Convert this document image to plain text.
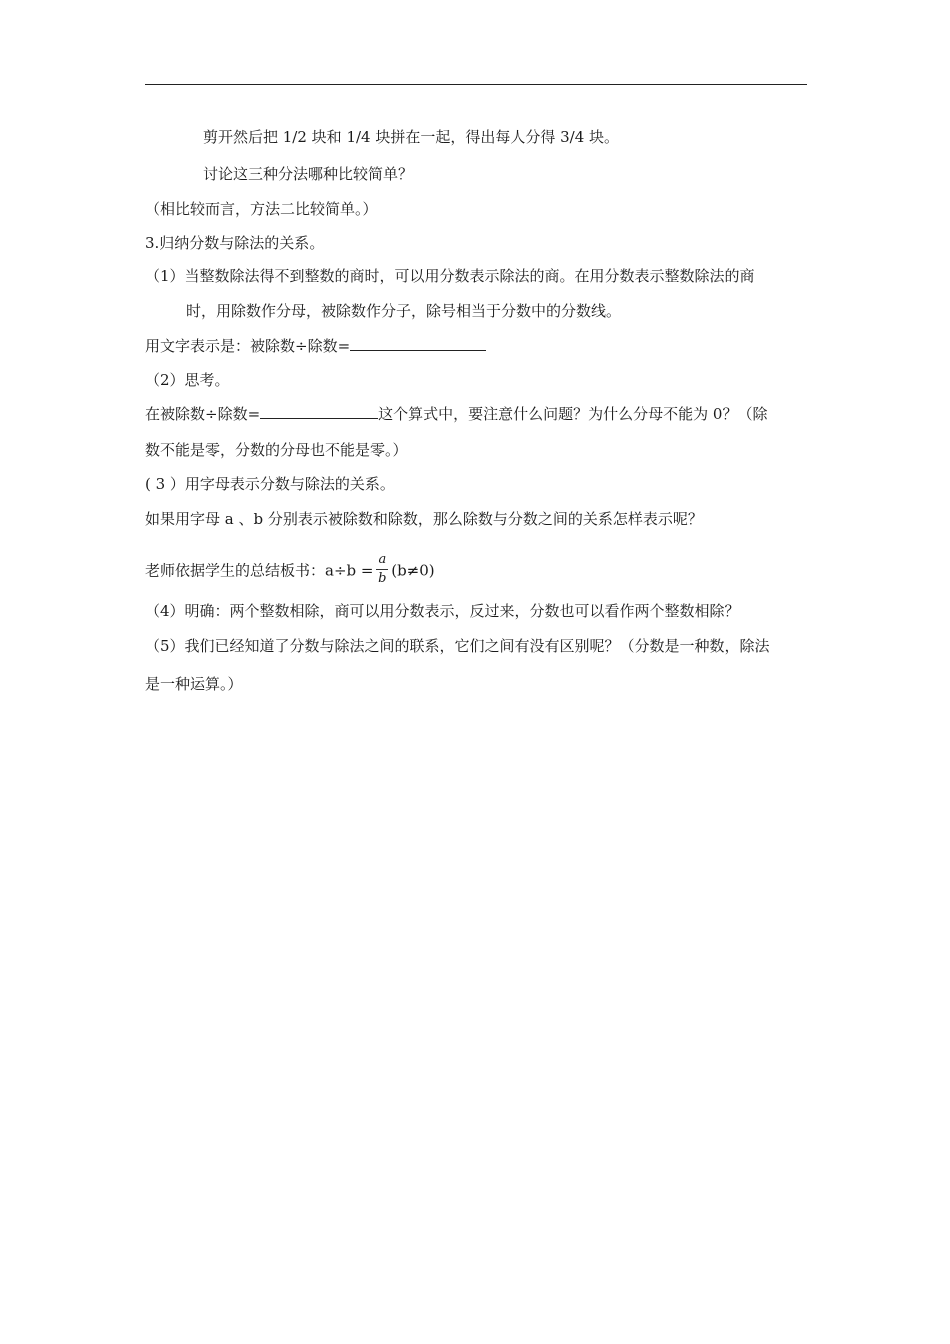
剪开然后把 1/2 块和 1/4 块拼在一起，得出每人分得 3/4 块。
讨论这三种分法哪种比较简单？
（相比较而言，方法二比较简单。）
3.归纳分数与除法的关系。
（1）当整数除法得不到整数的商时，可以用分数表示除法的商。在用分数表示整数除法的商
时，用除数作分母，被除数作分子，除号相当于分数中的分数线。
用文字表示是：被除数÷除数=
（2）思考。
在被除数÷除数=	这个算式中，要注意什么问题？为什么分母不能为 0？（除
数不能是零，分数的分母也不能是零。）
( 3 ）用字母表示分数与除法的关系。
如果用字母 a 、b 分别表示被除数和除数，那么除数与分数之间的关系怎样表示呢？
老师依据学生的总结板书：$a\div b = \frac{a}{b} (b\ne 0)$
（4）明确：两个整数相除，商可以用分数表示，反过来，分数也可以看作两个整数相除？
（5）我们已经知道了分数与除法之间的联系，它们之间有没有区别呢？（分数是一种数，除法
是一种运算。）
